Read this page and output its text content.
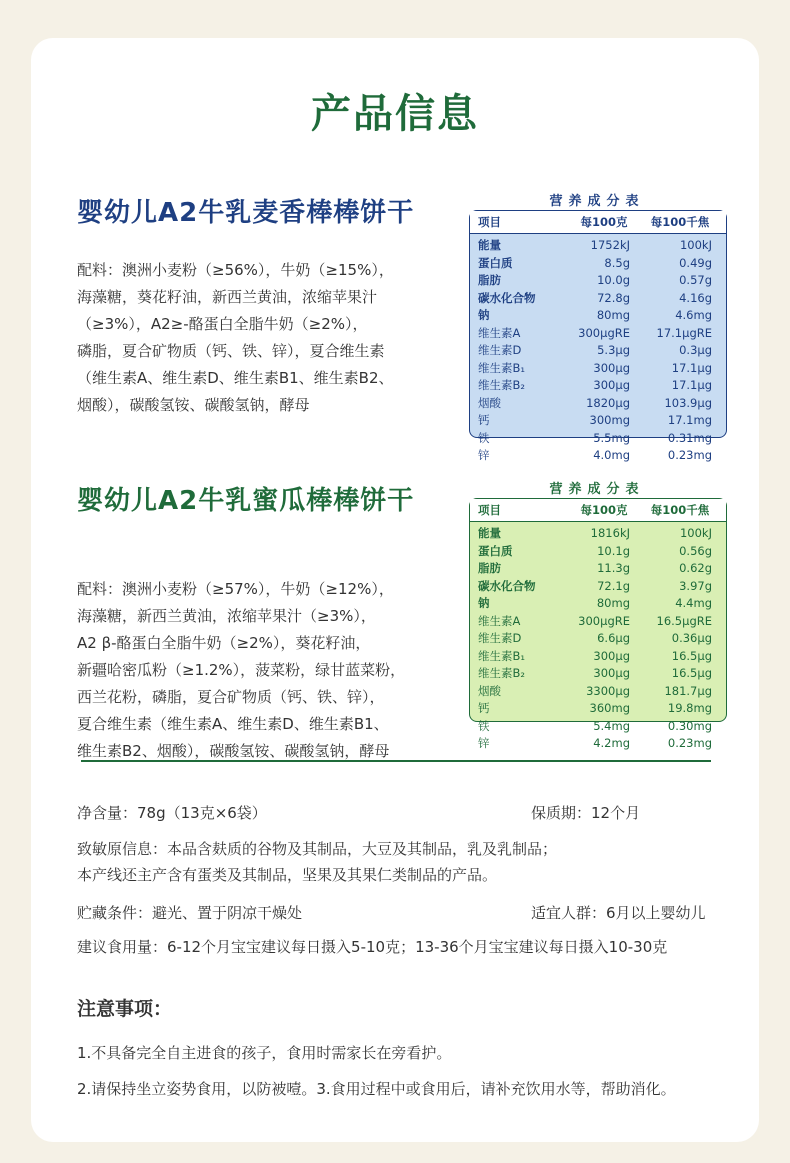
产品信息
婴幼儿A2牛乳麦香棒棒饼干
配料：澳洲小麦粉（≥56%），牛奶（≥15%），
海藻糖，葵花籽油，新西兰黄油，浓缩苹果汁
（≥3%），A2≥-酪蛋白全脂牛奶（≥2%），
磷脂，夏合矿物质（钙、铁、锌），夏合维生素
（维生素A、维生素D、维生素B1、维生素B2、
烟酸），碳酸氢铵、碳酸氢钠，酵母
营养成分表
项目	每100克	每100千焦
能量	1752kJ	100kJ
蛋白质	8.5g	0.49g
脂肪	10.0g	0.57g
碳水化合物	72.8g	4.16g
钠	80mg	4.6mg
维生素A	300μgRE	17.1μgRE
维生素D	5.3μg	0.3μg
维生素B₁	300μg	17.1μg
维生素B₂	300μg	17.1μg
烟酸	1820μg	103.9μg
钙	300mg	17.1mg
铁	5.5mg	0.31mg
锌	4.0mg	0.23mg
婴幼儿A2牛乳蜜瓜棒棒饼干
配料：澳洲小麦粉（≥57%），牛奶（≥12%），
海藻糖，新西兰黄油，浓缩苹果汁（≥3%），
A2 β-酪蛋白全脂牛奶（≥2%），葵花籽油，
新疆哈密瓜粉（≥1.2%），菠菜粉，绿甘蓝菜粉，
西兰花粉，磷脂，夏合矿物质（钙、铁、锌），
夏合维生素（维生素A、维生素D、维生素B1、
维生素B2、烟酸），碳酸氢铵、碳酸氢钠，酵母
营养成分表
项目	每100克	每100千焦
能量	1816kJ	100kJ
蛋白质	10.1g	0.56g
脂肪	11.3g	0.62g
碳水化合物	72.1g	3.97g
钠	80mg	4.4mg
维生素A	300μgRE	16.5μgRE
维生素D	6.6μg	0.36μg
维生素B₁	300μg	16.5μg
维生素B₂	300μg	16.5μg
烟酸	3300μg	181.7μg
钙	360mg	19.8mg
铁	5.4mg	0.30mg
锌	4.2mg	0.23mg
净含量：78g（13克×6袋）	保质期：12个月
致敏原信息：本品含麸质的谷物及其制品，大豆及其制品，乳及乳制品；
本产线还主产含有蛋类及其制品，坚果及其果仁类制品的产品。
贮藏条件：避光、置于阴凉干燥处	适宜人群：6月以上婴幼儿
建议食用量：6-12个月宝宝建议每日摄入5-10克；13-36个月宝宝建议每日摄入10-30克
注意事项：
1.不具备完全自主进食的孩子，食用时需家长在旁看护。
2.请保持坐立姿势食用，以防被噎。3.食用过程中或食用后，请补充饮用水等，帮助消化。
